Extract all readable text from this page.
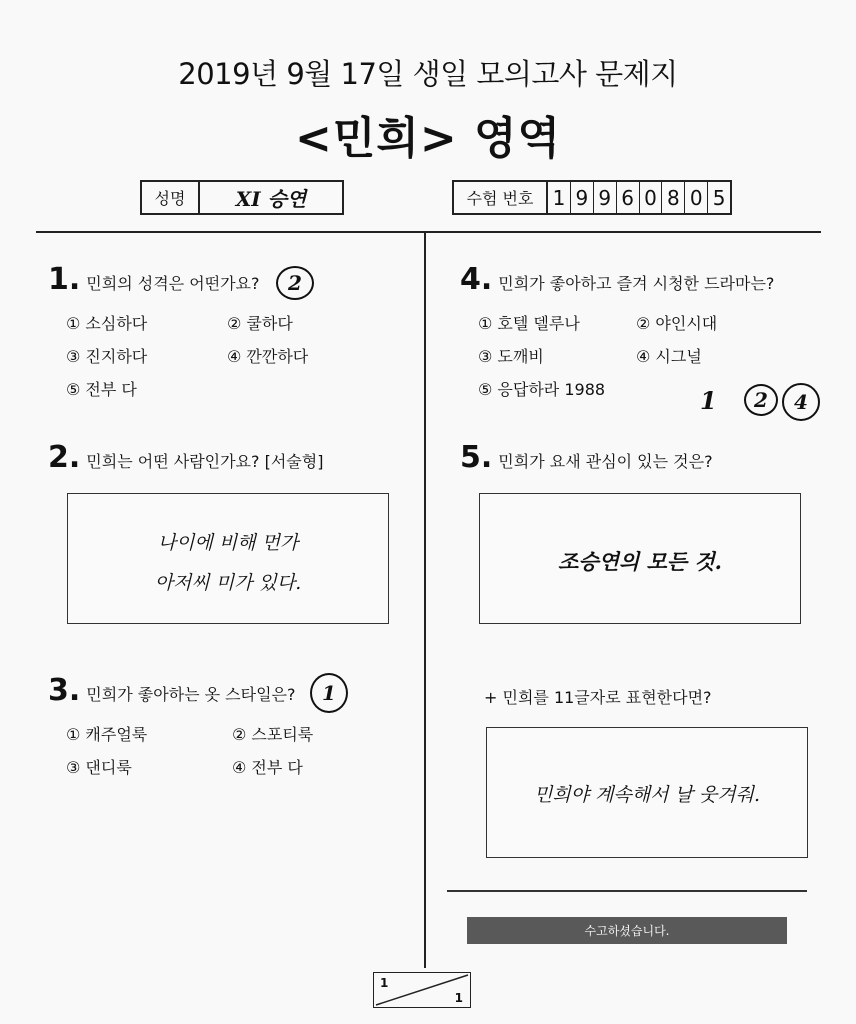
2019년 9월 17일 생일 모의고사 문제지
<민희> 영역
성명	XI 승연	수험 번호 1 9 9 6 0 8 0 5
1. 민희의 성격은 어떤가요?	2
① 소심하다	② 쿨하다
③ 진지하다	④ 깐깐하다
⑤ 전부 다
2. 민희는 어떤 사람인가요? [서술형]
나이에 비해 먼가
아저씨 미가 있다.
3. 민희가 좋아하는 옷 스타일은?	1
① 캐주얼룩	② 스포티룩
③ 댄디룩	④ 전부 다
4. 민희가 좋아하고 즐겨 시청한 드라마는?
① 호텔 델루나	② 야인시대
③ 도깨비	④ 시그널
⑤ 응답하라 1988	1	2	4
5. 민희가 요새 관심이 있는 것은?
조승연의 모든 것.
+ 민희를 11글자로 표현한다면?
민희야 계속해서 날 웃겨줘.
수고하셨습니다.
1
1
